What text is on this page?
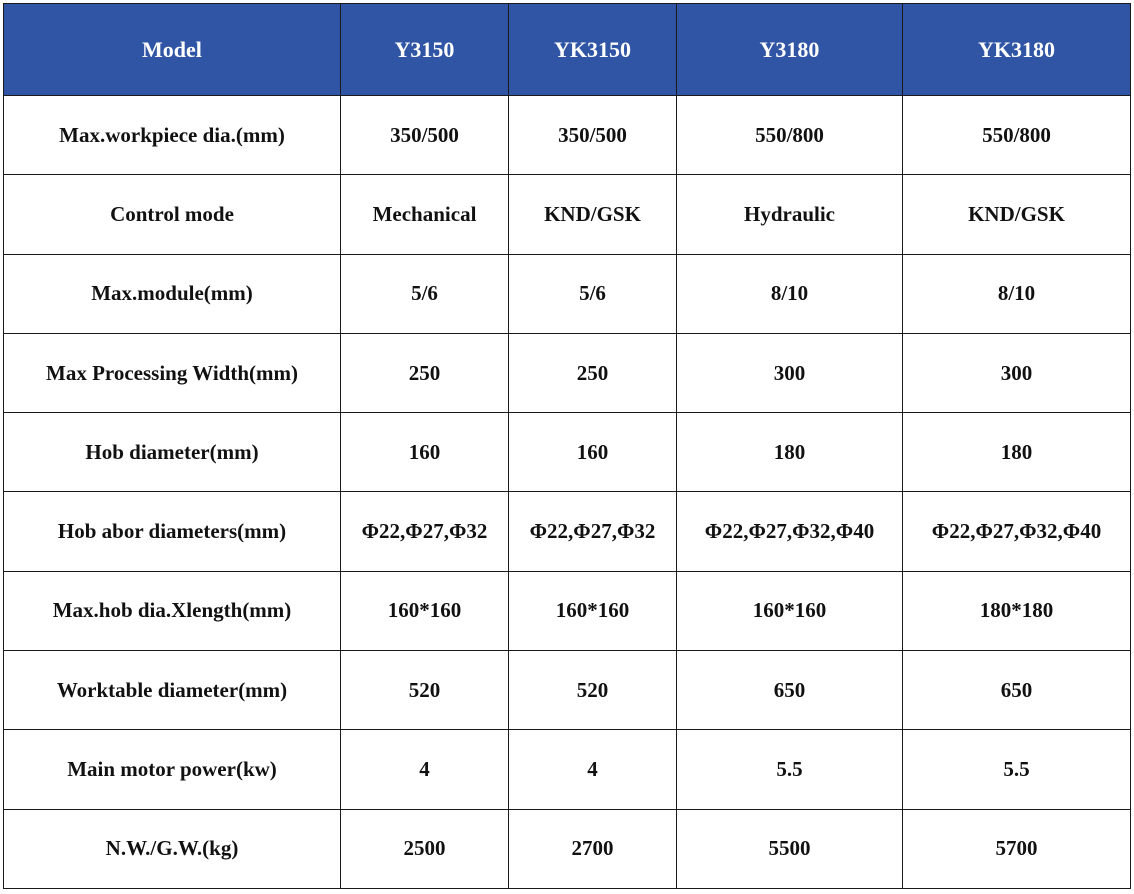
Model	Y3150	YK3150	Y3180	YK3180
Max.workpiece dia.(mm)	350/500	350/500	550/800	550/800
Control mode	Mechanical	KND/GSK	Hydraulic	KND/GSK
Max.module(mm)	5/6	5/6	8/10	8/10
Max Processing Width(mm)	250	250	300	300
Hob diameter(mm)	160	160	180	180
Hob abor diameters(mm)	Φ22,Φ27,Φ32	Φ22,Φ27,Φ32	Φ22,Φ27,Φ32,Φ40	Φ22,Φ27,Φ32,Φ40
Max.hob dia.Xlength(mm)	160*160	160*160	160*160	180*180
Worktable diameter(mm)	520	520	650	650
Main motor power(kw)	4	4	5.5	5.5
N.W./G.W.(kg)	2500	2700	5500	5700
